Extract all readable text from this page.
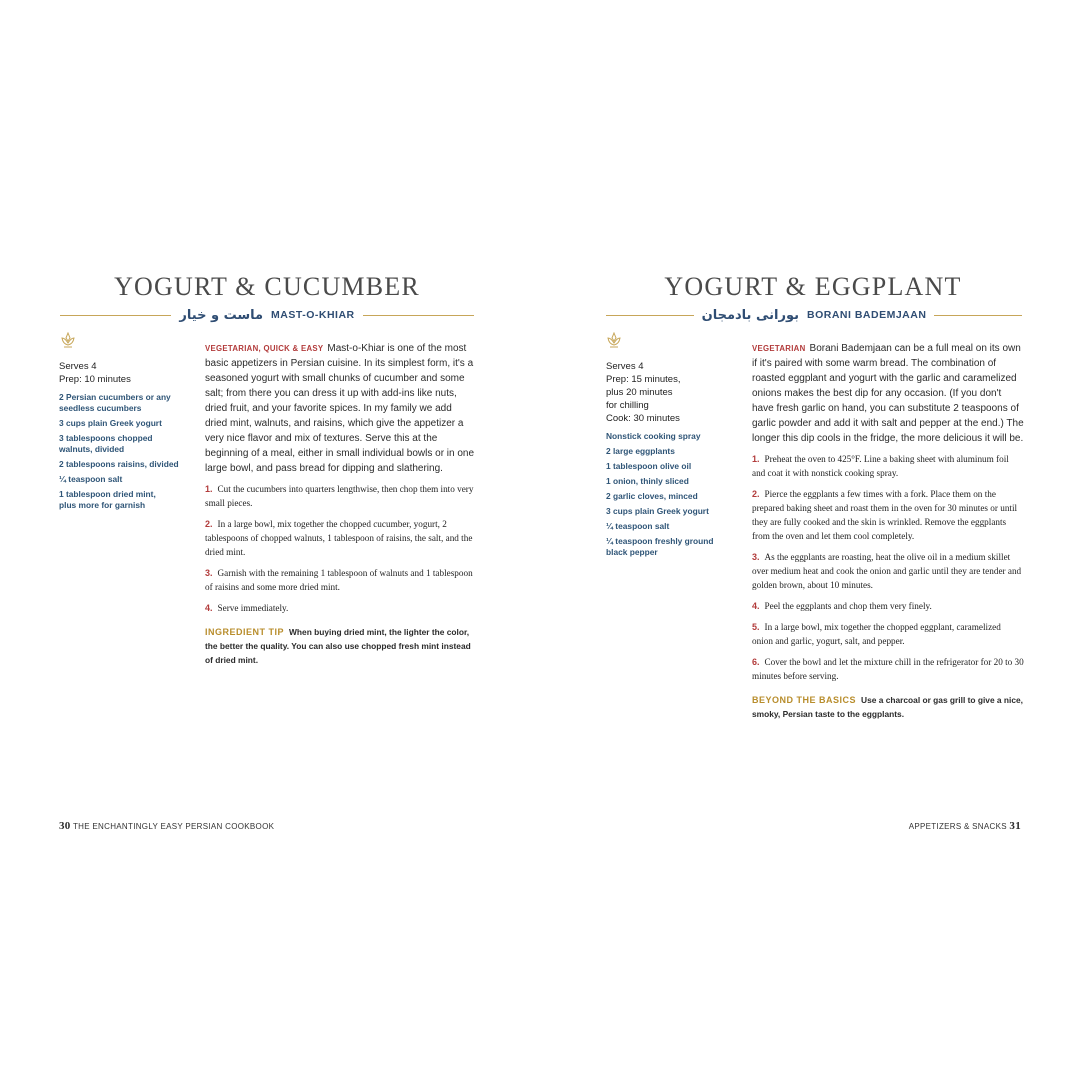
YOGURT & CUCUMBER
ماست و خیار MAST-O-KHIAR
Serves 4
Prep: 10 minutes
2 Persian cucumbers or any
seedless cucumbers
3 cups plain Greek yogurt
3 tablespoons chopped
walnuts, divided
2 tablespoons raisins, divided
¼ teaspoon salt
1 tablespoon dried mint,
plus more for garnish

VEGETARIAN, QUICK & EASY Mast-o-Khiar is one of the most basic appetizers in Persian cuisine. In its simplest form, it's a seasoned yogurt with small chunks of cucumber and some salt; from there you can dress it up with add-ins like nuts, dried fruit, and your favorite spices. In my family we add dried mint, walnuts, and raisins, which give the appetizer a very nice flavor and mix of textures. Serve this at the beginning of a meal, either in small individual bowls or in one large bowl, and pass bread for dipping and slathering.

1. Cut the cucumbers into quarters lengthwise, then chop them into very small pieces.

2. In a large bowl, mix together the chopped cucumber, yogurt, 2 tablespoons of chopped walnuts, 1 tablespoon of raisins, the salt, and the dried mint.

3. Garnish with the remaining 1 tablespoon of walnuts and 1 tablespoon of raisins and some more dried mint.

4. Serve immediately.

INGREDIENT TIP When buying dried mint, the lighter the color, the better the quality. You can also use chopped fresh mint instead of dried mint.
30 THE ENCHANTINGLY EASY PERSIAN COOKBOOK
YOGURT & EGGPLANT
بورانی بادمجان BORANI BADEMJAAN
Serves 4
Prep: 15 minutes,
plus 20 minutes
for chilling
Cook: 30 minutes
Nonstick cooking spray
2 large eggplants
1 tablespoon olive oil
1 onion, thinly sliced
2 garlic cloves, minced
3 cups plain Greek yogurt
¼ teaspoon salt
¼ teaspoon freshly ground
black pepper

VEGETARIAN Borani Bademjaan can be a full meal on its own if it's paired with some warm bread. The combination of roasted eggplant and yogurt with the garlic and caramelized onions makes the best dip for any occasion. (If you don't have fresh garlic on hand, you can substitute 2 teaspoons of garlic powder and add it with salt and pepper at the end.) The longer this dip cools in the fridge, the more delicious it will be.

1. Preheat the oven to 425°F. Line a baking sheet with aluminum foil and coat it with nonstick cooking spray.

2. Pierce the eggplants a few times with a fork. Place them on the prepared baking sheet and roast them in the oven for 30 minutes or until they are fully cooked and the skin is wrinkled. Remove the eggplants from the oven and let them cool completely.

3. As the eggplants are roasting, heat the olive oil in a medium skillet over medium heat and cook the onion and garlic until they are tender and golden brown, about 10 minutes.

4. Peel the eggplants and chop them very finely.

5. In a large bowl, mix together the chopped eggplant, caramelized onion and garlic, yogurt, salt, and pepper.

6. Cover the bowl and let the mixture chill in the refrigerator for 20 to 30 minutes before serving.

BEYOND THE BASICS Use a charcoal or gas grill to give a nice, smoky, Persian taste to the eggplants.
APPETIZERS & SNACKS 31
